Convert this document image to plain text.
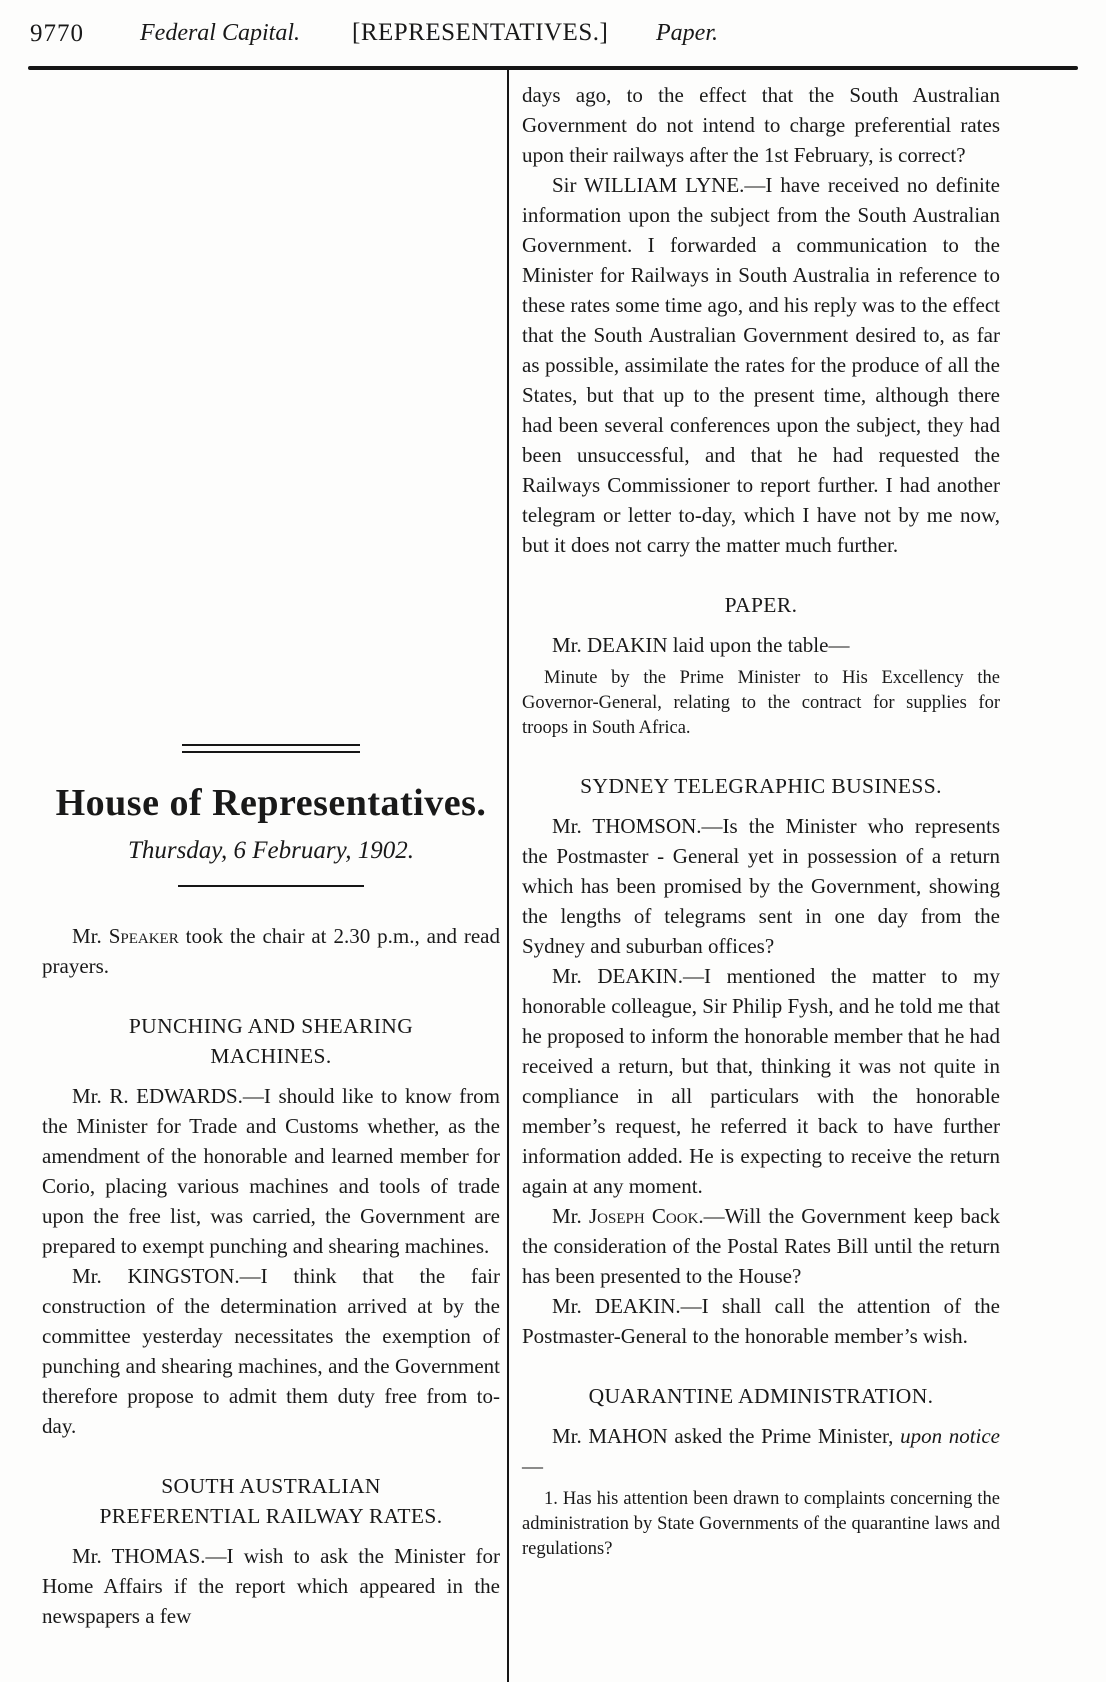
9770 Federal Capital. [REPRESENTATIVES.] Paper.
House of Representatives.
Thursday, 6 February, 1902.

Mr. Speaker took the chair at 2.30 p.m., and read prayers.

PUNCHING AND SHEARING
MACHINES.

Mr. R. EDWARDS.—I should like to know from the Minister for Trade and Customs whether, as the amendment of the honorable and learned member for Corio, placing various machines and tools of trade upon the free list, was carried, the Government are prepared to exempt punching and shearing machines.

Mr. KINGSTON.—I think that the fair construction of the determination arrived at by the committee yesterday necessitates the exemption of punching and shearing machines, and the Government therefore propose to admit them duty free from to-day.

SOUTH AUSTRALIAN
PREFERENTIAL RAILWAY RATES.

Mr. THOMAS.—I wish to ask the Minister for Home Affairs if the report which appeared in the newspapers a few

days ago, to the effect that the South Australian Government do not intend to charge preferential rates upon their railways after the 1st February, is correct?

Sir WILLIAM LYNE.—I have received no definite information upon the subject from the South Australian Government. I forwarded a communication to the Minister for Railways in South Australia in reference to these rates some time ago, and his reply was to the effect that the South Australian Government desired to, as far as possible, assimilate the rates for the produce of all the States, but that up to the present time, although there had been several conferences upon the subject, they had been unsuccessful, and that he had requested the Railways Commissioner to report further. I had another telegram or letter to-day, which I have not by me now, but it does not carry the matter much further.

PAPER.

Mr. DEAKIN laid upon the table—

Minute by the Prime Minister to His Excellency the Governor-General, relating to the contract for supplies for troops in South Africa.

SYDNEY TELEGRAPHIC BUSINESS.

Mr. THOMSON.—Is the Minister who represents the Postmaster - General yet in possession of a return which has been promised by the Government, showing the lengths of telegrams sent in one day from the Sydney and suburban offices?

Mr. DEAKIN.—I mentioned the matter to my honorable colleague, Sir Philip Fysh, and he told me that he proposed to inform the honorable member that he had received a return, but that, thinking it was not quite in compliance in all particulars with the honorable member’s request, he referred it back to have further information added. He is expecting to receive the return again at any moment.

Mr. Joseph Cook.—Will the Government keep back the consideration of the Postal Rates Bill until the return has been presented to the House?

Mr. DEAKIN.—I shall call the attention of the Postmaster-General to the honorable member’s wish.

QUARANTINE ADMINISTRATION.

Mr. MAHON asked the Prime Minister, upon notice—

1. Has his attention been drawn to complaints concerning the administration by State Governments of the quarantine laws and regulations?
